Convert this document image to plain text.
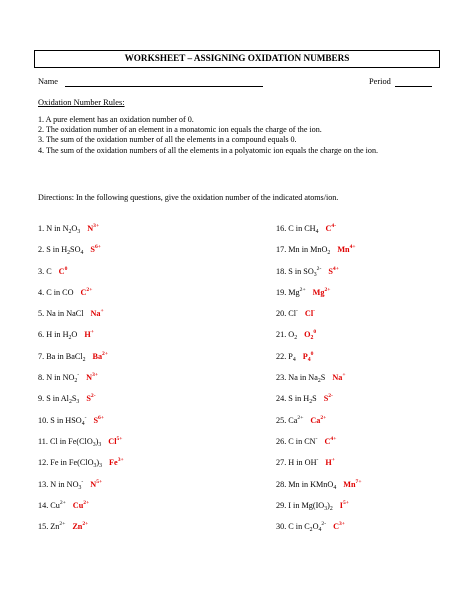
WORKSHEET – ASSIGNING OXIDATION NUMBERS
Name	Period
Oxidation Number Rules:

1. A pure element has an oxidation number of 0.

2. The oxidation number of an element in a monatomic ion equals the charge of the ion.

3. The sum of the oxidation number of all the elements in a compound equals 0.

4. The sum of the oxidation numbers of all the elements in a polyatomic ion equals the charge on the ion.

Directions: In the following questions, give the oxidation number of the indicated atoms/ion.
1. N in $N_2O_3$ $N^{3+}$
2. S in $H_2SO_4$ $S^{6+}$
3. C $C^0$
4. C in CO $C^{2+}$
5. Na in NaCl Na+
6. H in $H_2O$ H+
7. Ba in BaCl$_2$ $Ba^{2+}$
8. N in $NO_2^-$ $N^{3+}$
9. S in $Al_2S_3$ $S^{2-}$
10. S in $HSO_4^-$ $S^{6+}$
11. Cl in $Fe(ClO_3)_3$ $Cl^{5+}$
12. Fe in $Fe(ClO_3)_3$ $Fe^{3+}$
13. N in $NO_3^-$ $N^{5+}$
14. $Cu^{2+}$ $Cu^{2+}$
15. $Zn^{2+}$ $Zn^{2+}$
16. C in $CH_4$ $C^{4-}$
17. Mn in MnO$_2$ $Mn^{4+}$
18. S in $SO_3^{2-}$ $S^{4+}$
19. $Mg^{2+}$ $Mg^{2+}$
20. Cl- Cl-
21. $O_2$ $O_2^0$
22. $P_4$ $P_4^0$
23. Na in $Na_2S$ Na+
24. S in $H_2S$ $S^{2-}$
25. $Ca^{2+}$ $Ca^{2+}$
26. C in CN- $C^{4+}$
27. H in OH- H+
28. Mn in KMnO$_4$ $Mn^{7+}$
29. I in $Mg(IO_3)_2$ $I^{5+}$
30. C in $C_2O_4^{2-}$ $C^{3+}$
